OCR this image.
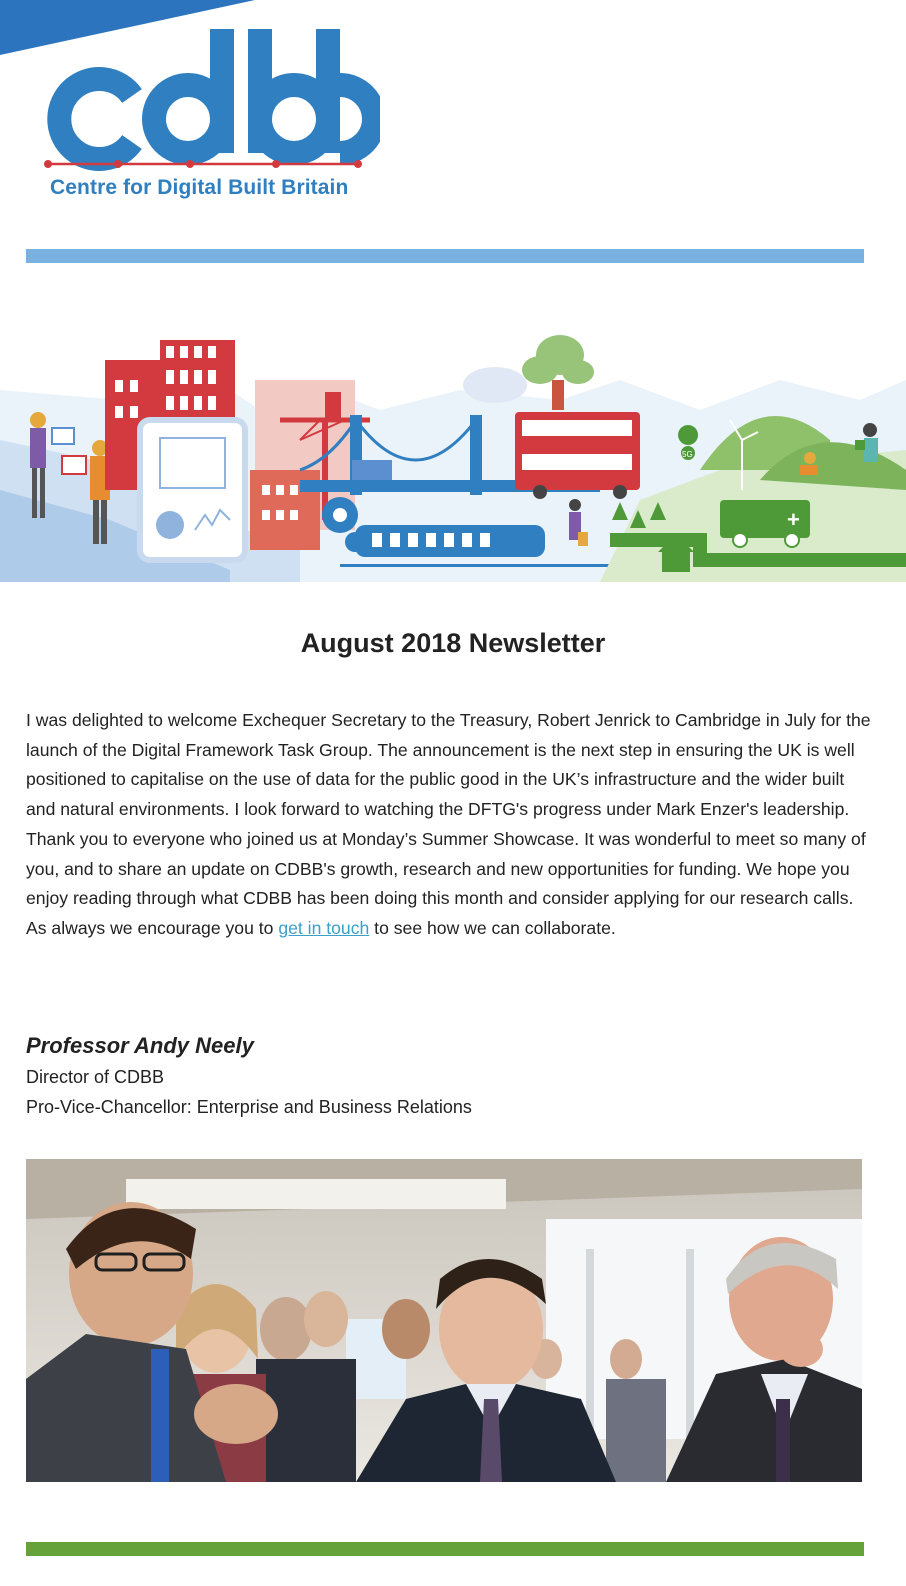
Centre for Digital Built Britain
+
5G
August 2018 Newsletter

I was delighted to welcome Exchequer Secretary to the Treasury, Robert Jenrick to Cambridge in July for the launch of the Digital Framework Task Group. The announcement is the next step in ensuring the UK is well positioned to capitalise on the use of data for the public good in the UK’s infrastructure and the wider built and natural environments. I look forward to watching the DFTG's progress under Mark Enzer's leadership.

Thank you to everyone who joined us at Monday’s Summer Showcase. It was wonderful to meet so many of you, and to share an update on CDBB's growth, research and new opportunities for funding. We hope you enjoy reading through what CDBB has been doing this month and consider applying for our research calls. As always we encourage you to get in touch to see how we can collaborate.

Professor Andy Neely
Director of CDBB
Pro-Vice-Chancellor: Enterprise and Business Relations
